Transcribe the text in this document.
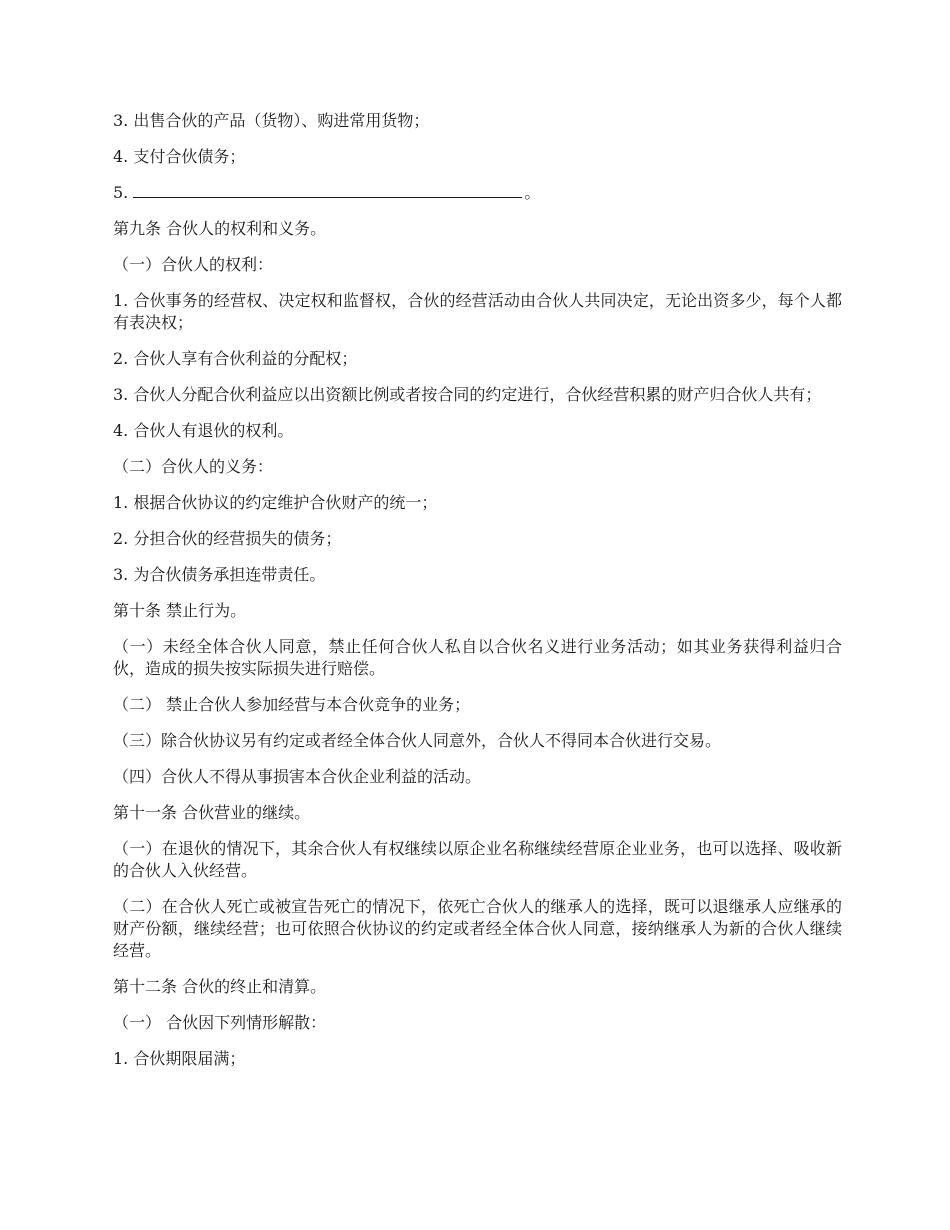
3. 出售合伙的产品（货物）、购进常用货物；

4. 支付合伙债务；

5.	。

第九条 合伙人的权利和义务。

（一）合伙人的权利：

1. 合伙事务的经营权、决定权和监督权，合伙的经营活动由合伙人共同决定，无论出资多少，每个人都有表决权；

2. 合伙人享有合伙利益的分配权；

3. 合伙人分配合伙利益应以出资额比例或者按合同的约定进行，合伙经营积累的财产归合伙人共有；

4. 合伙人有退伙的权利。

（二）合伙人的义务：

1. 根据合伙协议的约定维护合伙财产的统一；

2. 分担合伙的经营损失的债务；

3. 为合伙债务承担连带责任。

第十条 禁止行为。

（一）未经全体合伙人同意，禁止任何合伙人私自以合伙名义进行业务活动；如其业务获得利益归合伙，造成的损失按实际损失进行赔偿。

（二） 禁止合伙人参加经营与本合伙竞争的业务；

（三）除合伙协议另有约定或者经全体合伙人同意外，合伙人不得同本合伙进行交易。

（四）合伙人不得从事损害本合伙企业利益的活动。

第十一条 合伙营业的继续。

（一）在退伙的情况下，其余合伙人有权继续以原企业名称继续经营原企业业务，也可以选择、吸收新的合伙人入伙经营。

（二）在合伙人死亡或被宣告死亡的情况下，依死亡合伙人的继承人的选择，既可以退继承人应继承的财产份额，继续经营；也可依照合伙协议的约定或者经全体合伙人同意，接纳继承人为新的合伙人继续经营。

第十二条 合伙的终止和清算。

（一） 合伙因下列情形解散：

1. 合伙期限届满；
